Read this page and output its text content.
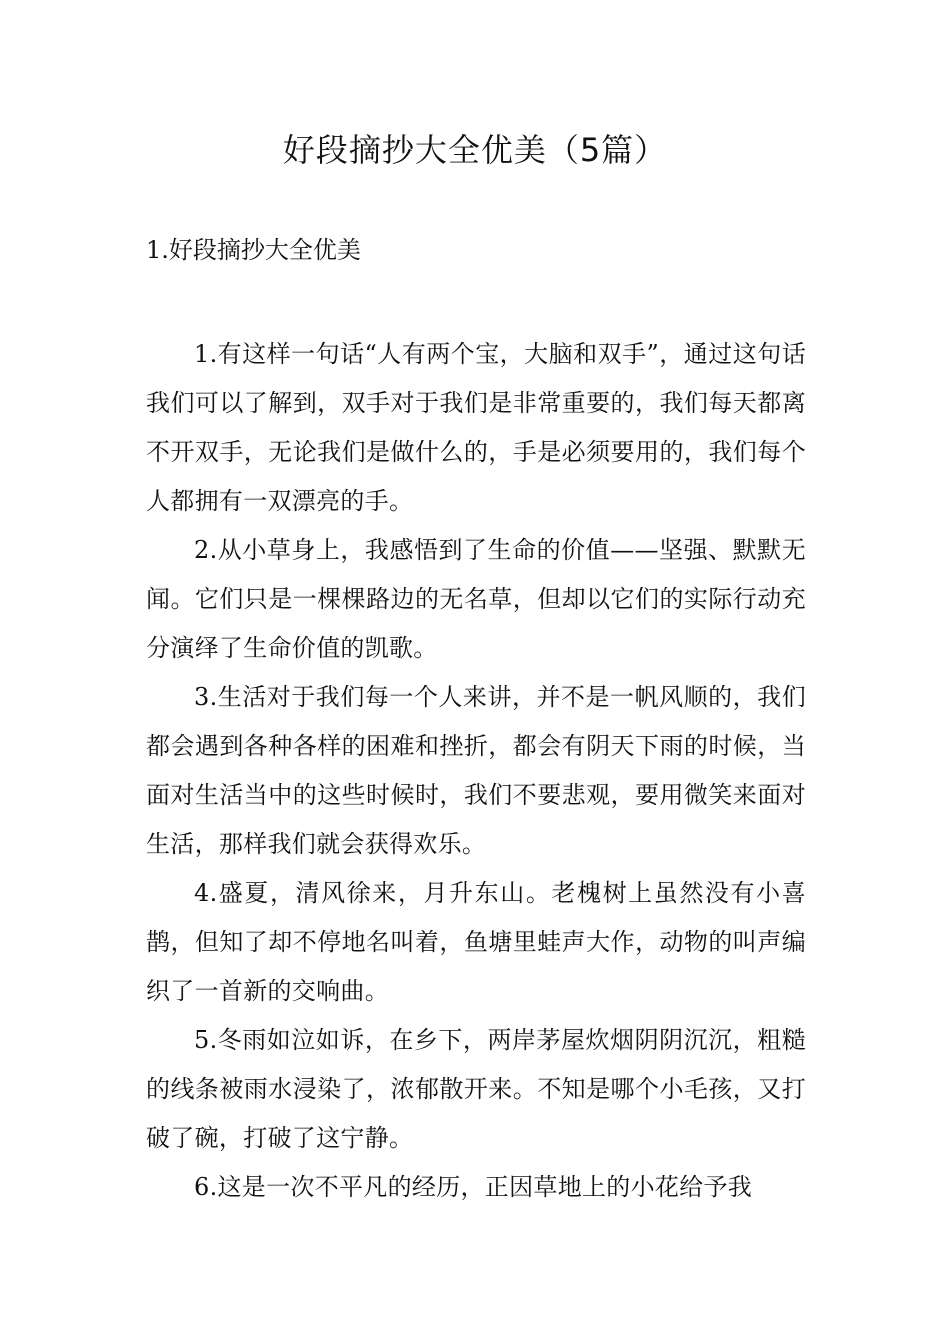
好段摘抄大全优美（5篇）
1.好段摘抄大全优美

1.有这样一句话“人有两个宝，大脑和双手”，通过这句话我们可以了解到，双手对于我们是非常重要的，我们每天都离不开双手，无论我们是做什么的，手是必须要用的，我们每个人都拥有一双漂亮的手。

2.从小草身上，我感悟到了生命的价值——坚强、默默无闻。它们只是一棵棵路边的无名草，但却以它们的实际行动充分演绎了生命价值的凯歌。

3.生活对于我们每一个人来讲，并不是一帆风顺的，我们都会遇到各种各样的困难和挫折，都会有阴天下雨的时候，当面对生活当中的这些时候时，我们不要悲观，要用微笑来面对生活，那样我们就会获得欢乐。

4.盛夏，清风徐来，月升东山。老槐树上虽然没有小喜鹊，但知了却不停地名叫着，鱼塘里蛙声大作，动物的叫声编织了一首新的交响曲。

5.冬雨如泣如诉，在乡下，两岸茅屋炊烟阴阴沉沉，粗糙的线条被雨水浸染了，浓郁散开来。不知是哪个小毛孩，又打破了碗，打破了这宁静。

6.这是一次不平凡的经历，正因草地上的小花给予我
